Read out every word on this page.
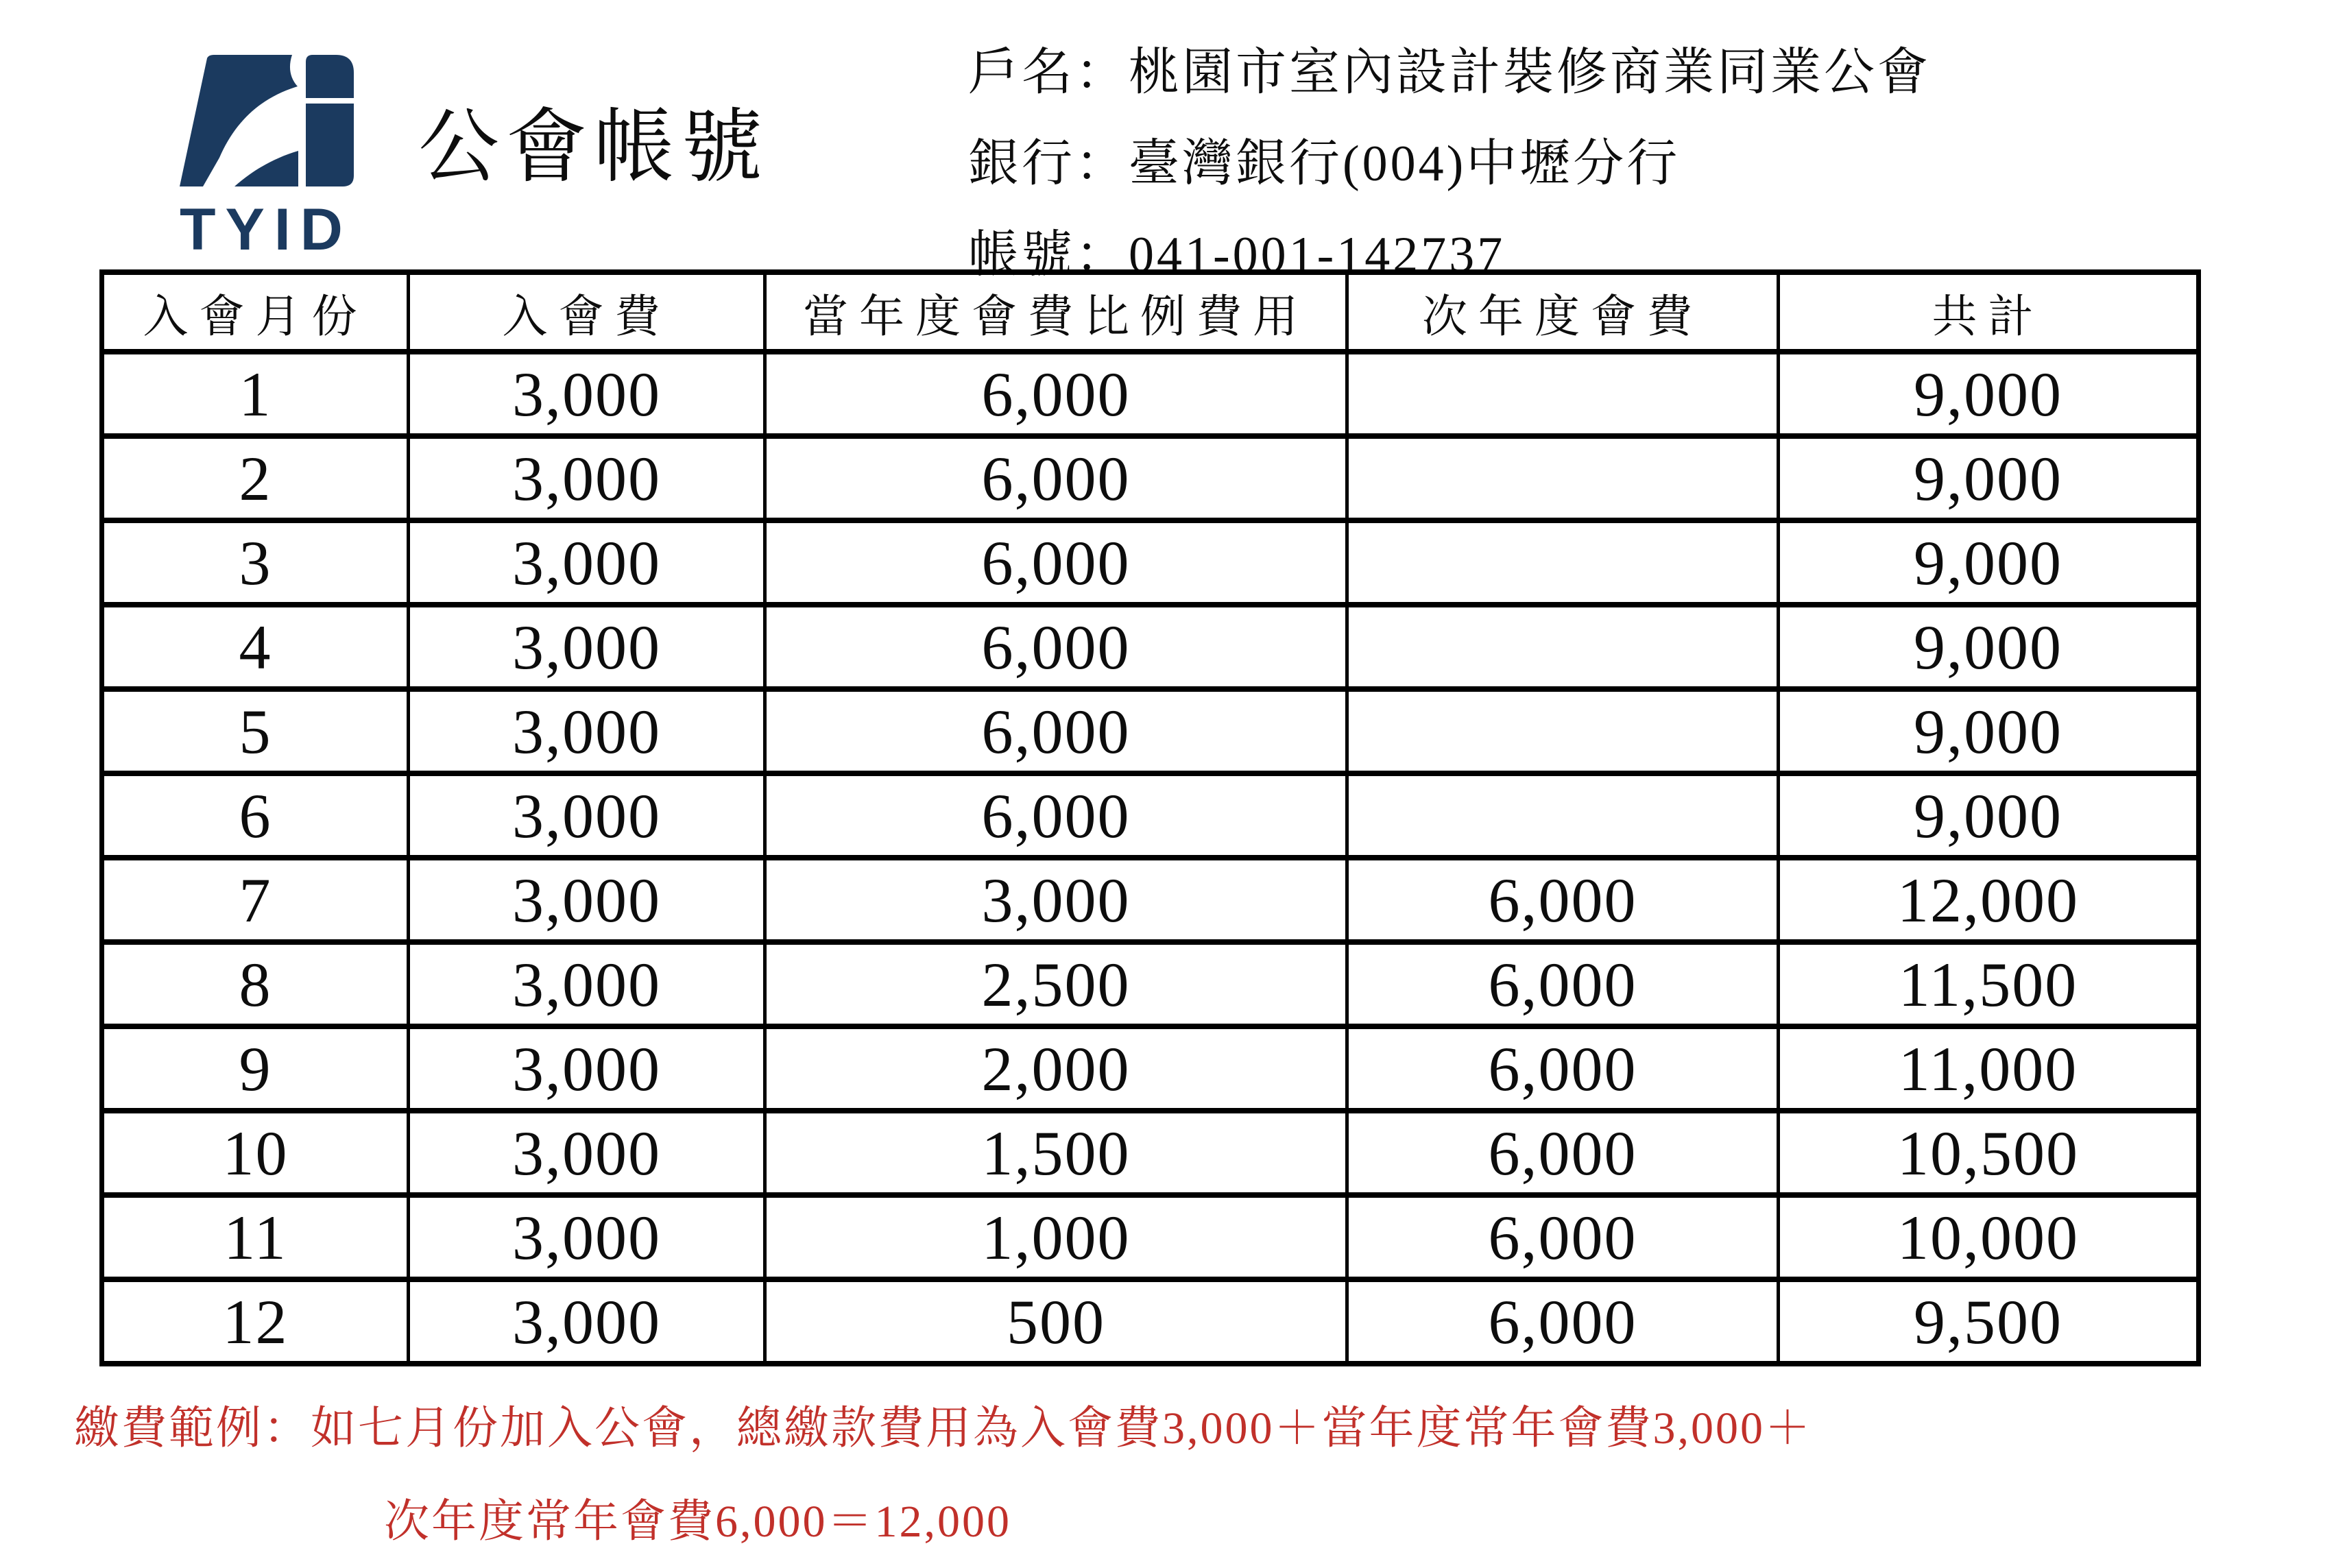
TYID
公會帳號
戶名：桃園市室內設計裝修商業同業公會
銀行：臺灣銀行(004)中壢分行
帳號：041-001-142737
入會月份	入會費	當年度會費比例費用	次年度會費	共計
1	3,000	6,000		9,000
2	3,000	6,000		9,000
3	3,000	6,000		9,000
4	3,000	6,000		9,000
5	3,000	6,000		9,000
6	3,000	6,000		9,000
7	3,000	3,000	6,000	12,000
8	3,000	2,500	6,000	11,500
9	3,000	2,000	6,000	11,000
10	3,000	1,500	6,000	10,500
11	3,000	1,000	6,000	10,000
12	3,000	500	6,000	9,500
繳費範例：如七月份加入公會，總繳款費用為入會費3,000＋當年度常年會費3,000＋
次年度常年會費6,000＝12,000
